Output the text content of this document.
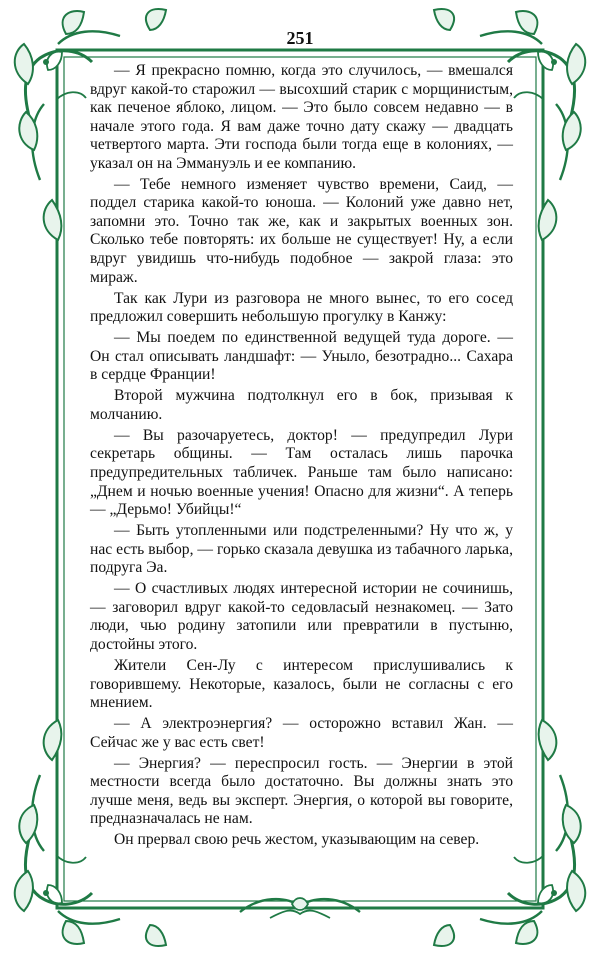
251

— Я прекрасно помню, когда это случилось, — вмешался вдруг какой-то старожил — высохший старик с морщинистым, как печеное яблоко, лицом. — Это было совсем недавно — в начале этого года. Я вам даже точно дату скажу — двадцать четвертого марта. Эти господа были тогда еще в колониях, — указал он на Эммануэль и ее компанию.

— Тебе немного изменяет чувство времени, Саид, — поддел старика какой-то юноша. — Колоний уже давно нет, запомни это. Точно так же, как и закрытых военных зон. Сколько тебе повторять: их больше не существует! Ну, а если вдруг увидишь что-нибудь подобное — закрой глаза: это мираж.

Так как Лури из разговора не много вынес, то его сосед предложил совершить небольшую прогулку в Канжу:

— Мы поедем по единственной ведущей туда дороге. — Он стал описывать ландшафт: — Уныло, безотрадно... Сахара в сердце Франции!

Второй мужчина подтолкнул его в бок, призывая к молчанию.

— Вы разочаруетесь, доктор! — предупредил Лури секретарь общины. — Там осталась лишь парочка предупредительных табличек. Раньше там было написано: „Днем и ночью военные учения! Опасно для жизни“. А теперь — „Дерьмо! Убийцы!“

— Быть утопленными или подстреленными? Ну что ж, у нас есть выбор, — горько сказала девушка из табачного ларька, подруга Эа.

— О счастливых людях интересной истории не сочинишь, — заговорил вдруг какой-то седовласый незнакомец. — Зато люди, чью родину затопили или превратили в пустыню, достойны этого.

Жители Сен-Лу с интересом прислушивались к говорившему. Некоторые, казалось, были не согласны с его мнением.

— А электроэнергия? — осторожно вставил Жан. — Сейчас же у вас есть свет!

— Энергия? — переспросил гость. — Энергии в этой местности всегда было достаточно. Вы должны знать это лучше меня, ведь вы эксперт. Энергия, о которой вы говорите, предназначалась не нам.

Он прервал свою речь жестом, указывающим на север.
